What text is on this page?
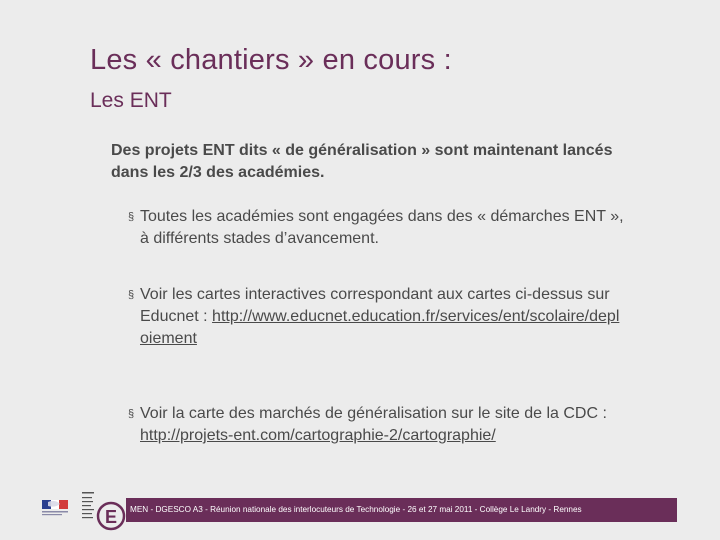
Les « chantiers » en cours :
Les ENT
Des projets ENT dits « de généralisation » sont maintenant lancés dans les 2/3 des académies.
§ Toutes les académies sont engagées dans des « démarches ENT », à différents stades d’avancement.
§ Voir les cartes interactives correspondant aux cartes ci-dessus sur Educnet : http://www.educnet.education.fr/services/ent/scolaire/deploiement
§ Voir la carte des marchés de généralisation sur le site de la CDC : http://projets-ent.com/cartographie-2/cartographie/
E MEN - DGESCO A3 - Réunion nationale des interlocuteurs de Technologie - 26 et 27 mai 2011 - Collège Le Landry - Rennes
